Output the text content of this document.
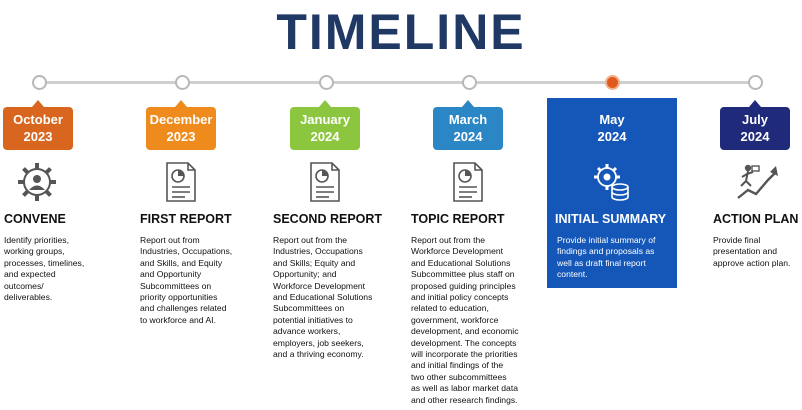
TIMELINE
October
2023
CONVENE
Identify priorities,
working groups,
processes, timelines,
and expected
outcomes/
deliverables.
December
2023
FIRST REPORT
Report out from
Industries, Occupations,
and Skills, and Equity
and Opportunity
Subcommittees on
priority opportunities
and challenges related
to workforce and AI.
January
2024
SECOND REPORT
Report out from the
Industries, Occupations
and Skills; Equity and
Opportunity; and
Workforce Development
and Educational Solutions
Subcommittees on
potential initiatives to
advance workers,
employers, job seekers,
and a thriving economy.
March
2024
TOPIC REPORT
Report out from the
Workforce Development
and Educational Solutions
Subcommittee plus staff on
proposed guiding principles
and initial policy concepts
related to education,
government, workforce
development, and economic
development. The concepts
will incorporate the priorities
and initial findings of the
two other subcommittees
as well as labor market data
and other research findings.
May
2024
INITIAL SUMMARY
Provide initial summary of
findings and proposals as
well as draft final report
content.
July
2024
ACTION PLAN
Provide final
presentation and
approve action plan.
